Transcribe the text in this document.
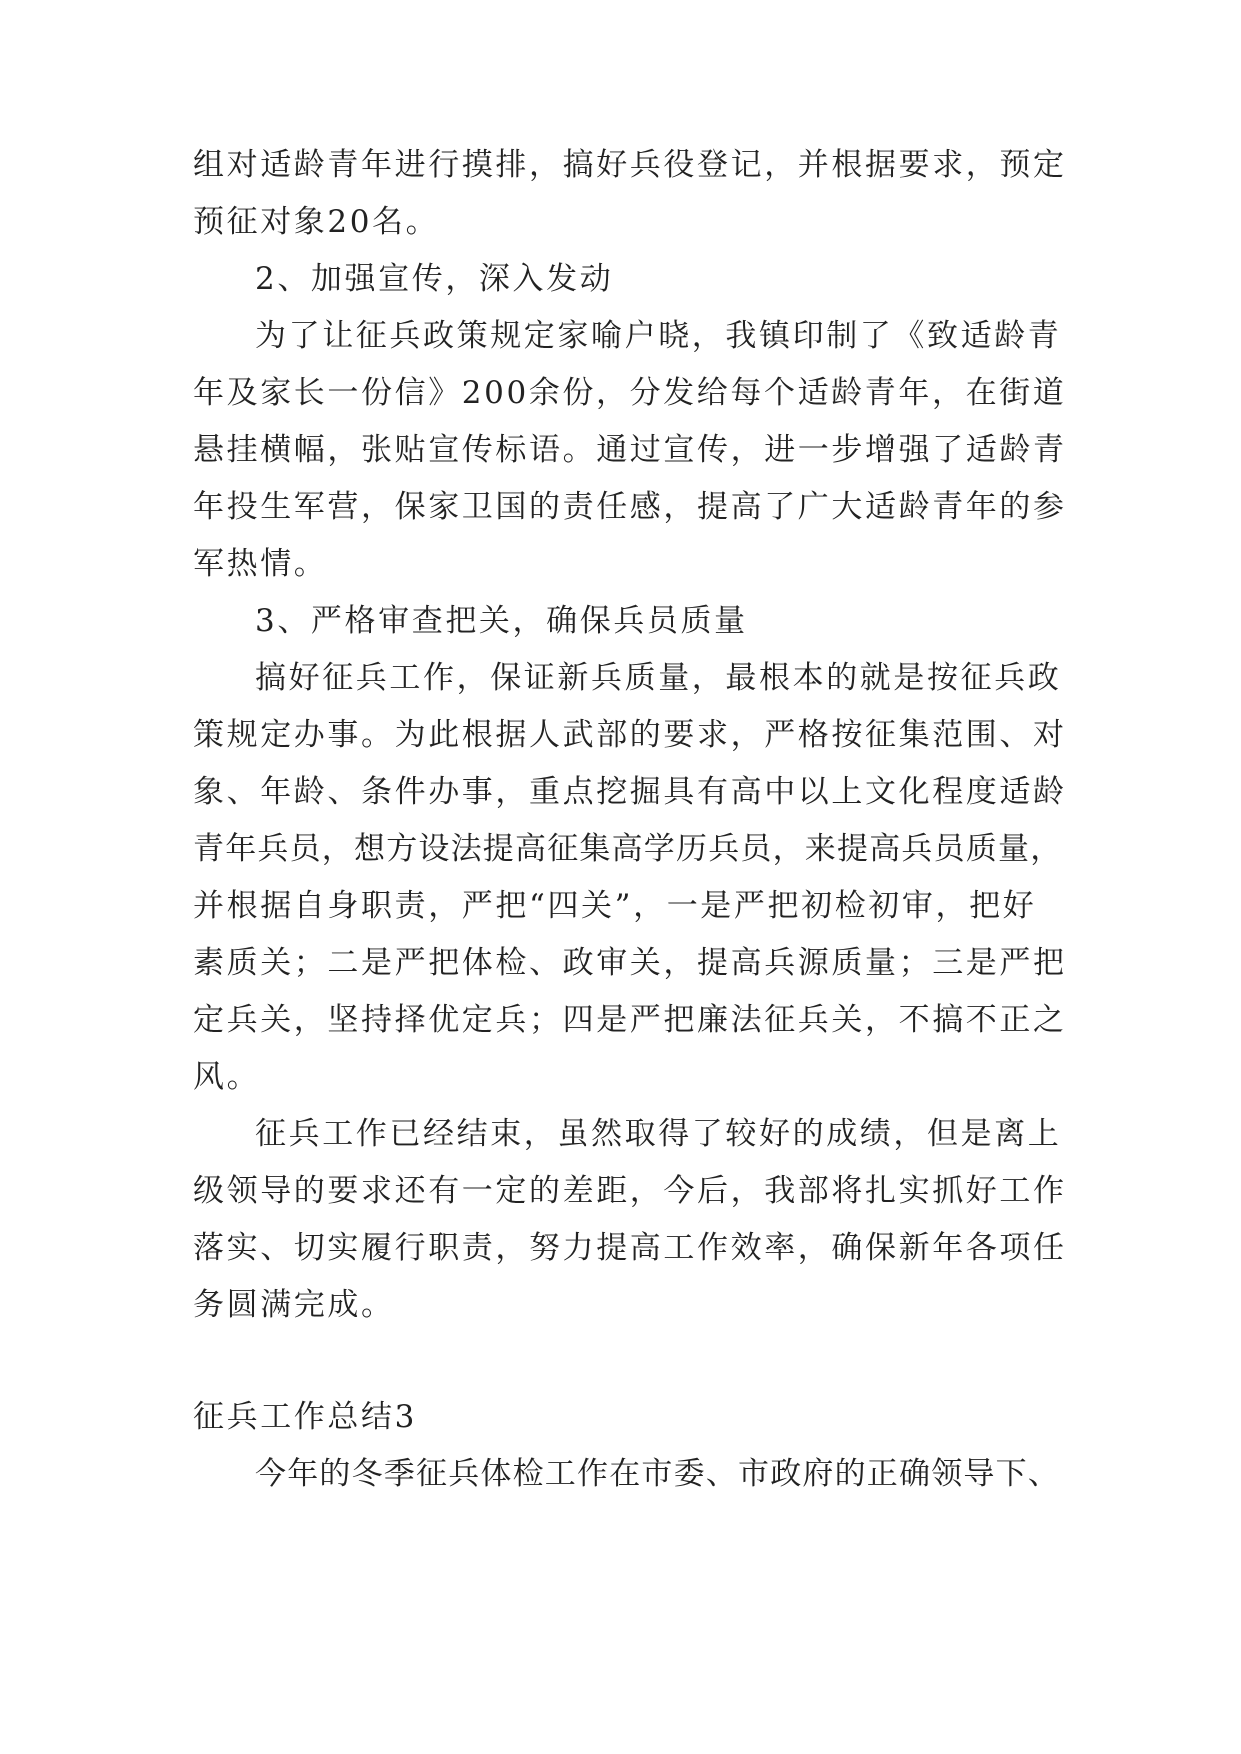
组对适龄青年进行摸排，搞好兵役登记，并根据要求，预定
预征对象20名。
2、加强宣传，深入发动
为了让征兵政策规定家喻户晓，我镇印制了《致适龄青
年及家长一份信》200余份，分发给每个适龄青年，在街道
悬挂横幅，张贴宣传标语。通过宣传，进一步增强了适龄青
年投生军营，保家卫国的责任感，提高了广大适龄青年的参
军热情。
3、严格审查把关，确保兵员质量
搞好征兵工作，保证新兵质量，最根本的就是按征兵政
策规定办事。为此根据人武部的要求，严格按征集范围、对
象、年龄、条件办事，重点挖掘具有高中以上文化程度适龄
青年兵员，想方设法提高征集高学历兵员，来提高兵员质量，
并根据自身职责，严把“四关”，一是严把初检初审，把好
素质关；二是严把体检、政审关，提高兵源质量；三是严把
定兵关，坚持择优定兵；四是严把廉法征兵关，不搞不正之
风。
征兵工作已经结束，虽然取得了较好的成绩，但是离上
级领导的要求还有一定的差距，今后，我部将扎实抓好工作
落实、切实履行职责，努力提高工作效率，确保新年各项任
务圆满完成。
征兵工作总结3
今年的冬季征兵体检工作在市委、市政府的正确领导下、
